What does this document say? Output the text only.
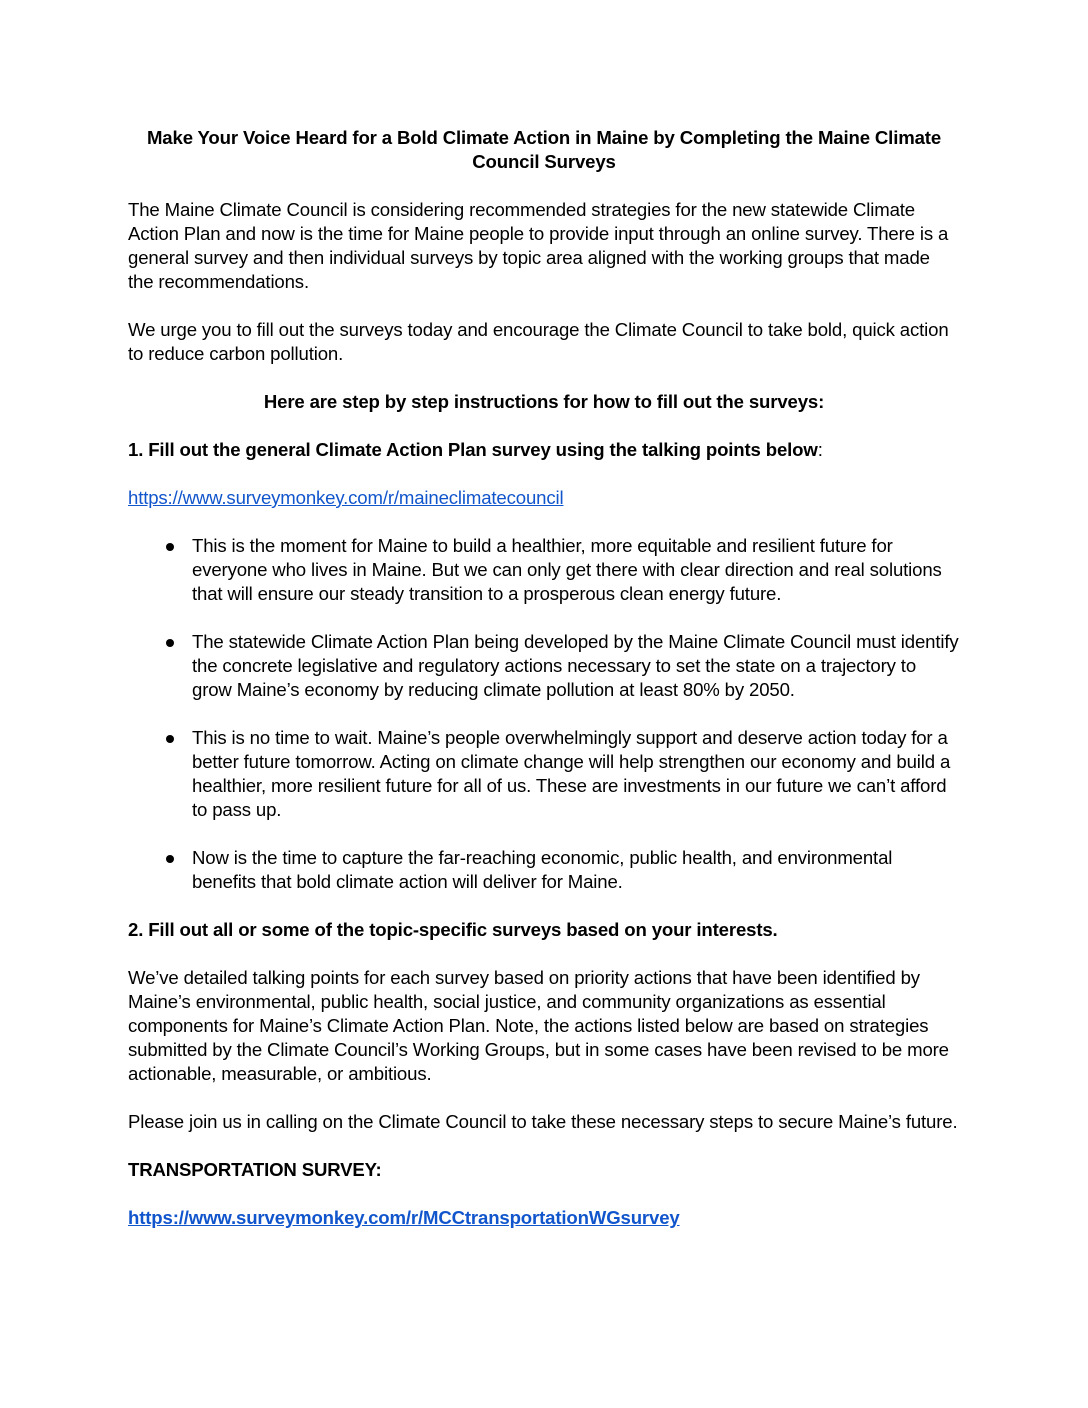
Make Your Voice Heard for a Bold Climate Action in Maine by Completing the Maine Climate Council Surveys

The Maine Climate Council is considering recommended strategies for the new statewide Climate Action Plan and now is the time for Maine people to provide input through an online survey. There is a general survey and then individual surveys by topic area aligned with the working groups that made the recommendations.

We urge you to fill out the surveys today and encourage the Climate Council to take bold, quick action to reduce carbon pollution.

Here are step by step instructions for how to fill out the surveys:

1. Fill out the general Climate Action Plan survey using the talking points below:

https://www.surveymonkey.com/r/maineclimatecouncil
This is the moment for Maine to build a healthier, more equitable and resilient future for everyone who lives in Maine. But we can only get there with clear direction and real solutions that will ensure our steady transition to a prosperous clean energy future.
The statewide Climate Action Plan being developed by the Maine Climate Council must identify the concrete legislative and regulatory actions necessary to set the state on a trajectory to grow Maine’s economy by reducing climate pollution at least 80% by 2050.
This is no time to wait. Maine’s people overwhelmingly support and deserve action today for a better future tomorrow. Acting on climate change will help strengthen our economy and build a healthier, more resilient future for all of us. These are investments in our future we can’t afford to pass up.
Now is the time to capture the far-reaching economic, public health, and environmental benefits that bold climate action will deliver for Maine.

2. Fill out all or some of the topic-specific surveys based on your interests.

We’ve detailed talking points for each survey based on priority actions that have been identified by Maine’s environmental, public health, social justice, and community organizations as essential components for Maine’s Climate Action Plan. Note, the actions listed below are based on strategies submitted by the Climate Council’s Working Groups, but in some cases have been revised to be more actionable, measurable, or ambitious.

Please join us in calling on the Climate Council to take these necessary steps to secure Maine’s future.

TRANSPORTATION SURVEY:

https://www.surveymonkey.com/r/MCCtransportationWGsurvey
